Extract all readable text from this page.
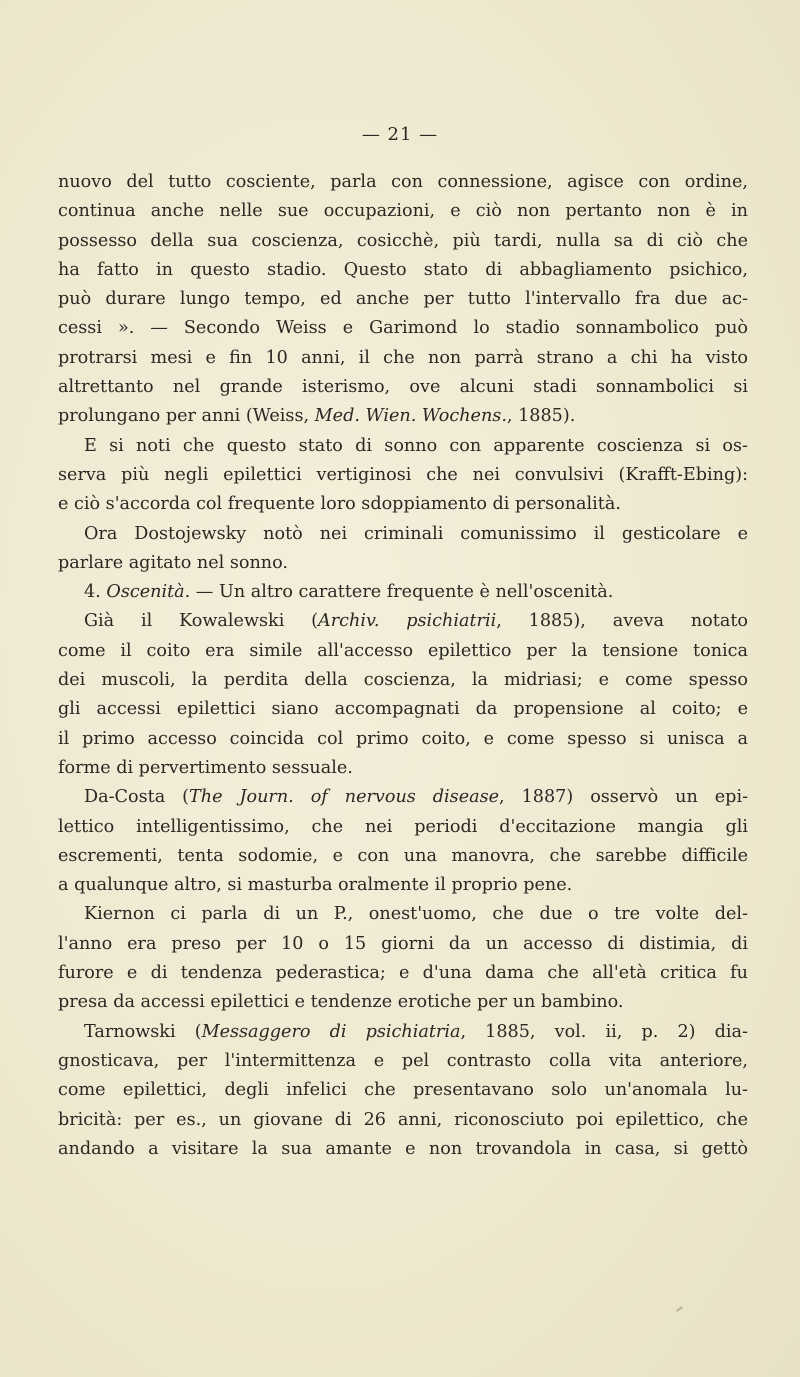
— 21 —
nuovo del tutto cosciente, parla con connessione, agisce con ordine,
continua anche nelle sue occupazioni, e ciò non pertanto non è in
possesso della sua coscienza, cosicchè, più tardi, nulla sa di ciò che
ha fatto in questo stadio. Questo stato di abbagliamento psichico,
può durare lungo tempo, ed anche per tutto l'intervallo fra due ac-
cessi ». — Secondo Weiss e Garimond lo stadio sonnambolico può
protrarsi mesi e fin 10 anni, il che non parrà strano a chi ha visto
altrettanto nel grande isterismo, ove alcuni stadi sonnambolici si
prolungano per anni (Weiss, Med. Wien. Wochens., 1885).
E si noti che questo stato di sonno con apparente coscienza si os-
serva più negli epilettici vertiginosi che nei convulsivi (Krafft-Ebing):
e ciò s'accorda col frequente loro sdoppiamento di personalità.
Ora Dostojewsky notò nei criminali comunissimo il gesticolare e
parlare agitato nel sonno.
4. Oscenità. — Un altro carattere frequente è nell'oscenità.
Già il Kowalewski (Archiv. psichiatrii, 1885), aveva notato
come il coito era simile all'accesso epilettico per la tensione tonica
dei muscoli, la perdita della coscienza, la midriasi; e come spesso
gli accessi epilettici siano accompagnati da propensione al coito; e
il primo accesso coincida col primo coito, e come spesso si unisca a
forme di pervertimento sessuale.
Da-Costa (The Journ. of nervous disease, 1887) osservò un epi-
lettico intelligentissimo, che nei periodi d'eccitazione mangia gli
escrementi, tenta sodomie, e con una manovra, che sarebbe difficile
a qualunque altro, si masturba oralmente il proprio pene.
Kiernon ci parla di un P., onest'uomo, che due o tre volte del-
l'anno era preso per 10 o 15 giorni da un accesso di distimia, di
furore e di tendenza pederastica; e d'una dama che all'età critica fu
presa da accessi epilettici e tendenze erotiche per un bambino.
Tarnowski (Messaggero di psichiatria, 1885, vol. ii, p. 2) dia-
gnosticava, per l'intermittenza e pel contrasto colla vita anteriore,
come epilettici, degli infelici che presentavano solo un'anomala lu-
bricità: per es., un giovane di 26 anni, riconosciuto poi epilettico, che
andando a visitare la sua amante e non trovandola in casa, si gettò
